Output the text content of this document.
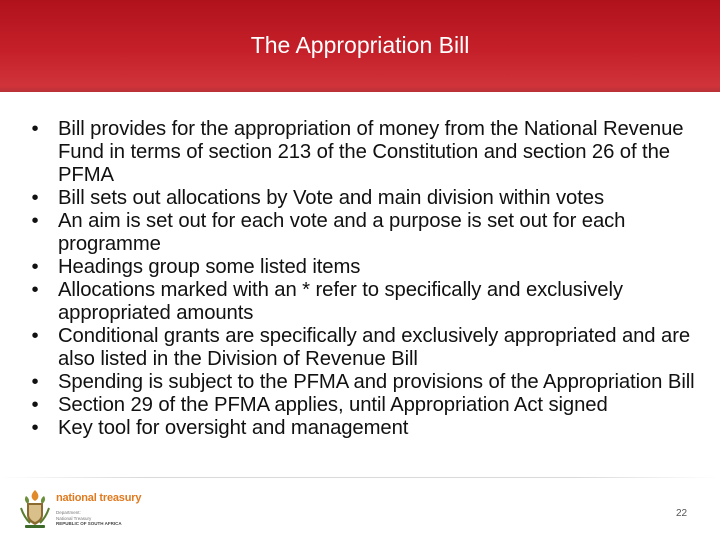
The Appropriation Bill
• Bill provides for the appropriation of money from the National Revenue Fund in terms of section 213 of the Constitution and section 26 of the PFMA
• Bill sets out allocations by Vote and main division within votes
• An aim is set out for each vote and a purpose is set out for each programme
• Headings group some listed items
• Allocations marked with an * refer to specifically and exclusively appropriated amounts
• Conditional grants are specifically and exclusively appropriated and are also listed in the Division of Revenue Bill
• Spending is subject to the PFMA and provisions of the Appropriation Bill
• Section 29 of the PFMA applies, until Appropriation Act signed
• Key tool for oversight and management
national treasury
Department:
National Treasury
REPUBLIC OF SOUTH AFRICA
22
